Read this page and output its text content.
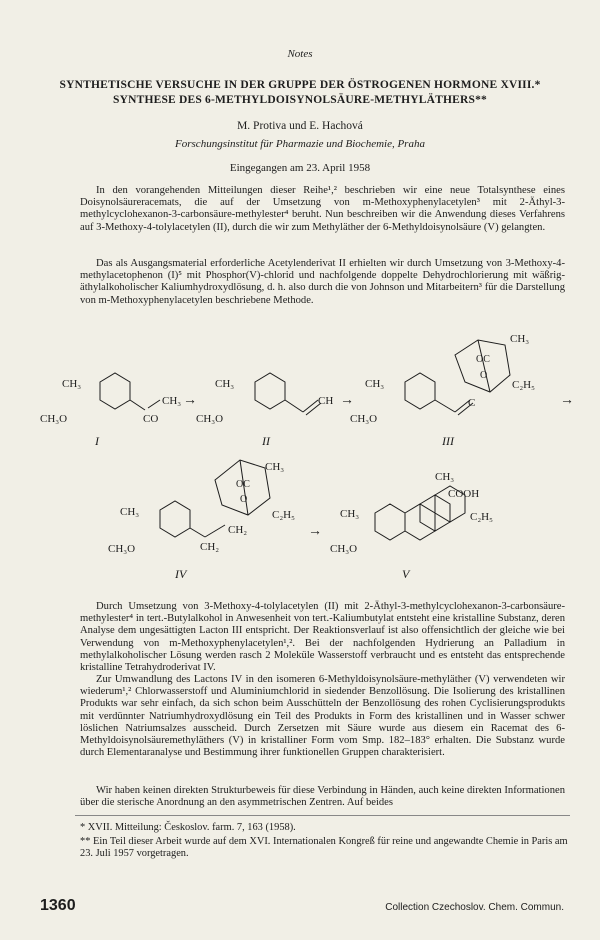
Notes
SYNTHETISCHE VERSUCHE IN DER GRUPPE DER ÖSTROGENEN HORMONE XVIII.* SYNTHESE DES 6-METHYLDOISYNOLSÄURE-METHYLÄTHERS**
M. Protiva und E. Hachová
Forschungsinstitut für Pharmazie und Biochemie, Praha
Eingegangen am 23. April 1958
In den vorangehenden Mitteilungen dieser Reihe¹,² beschrieben wir eine neue Totalsynthese eines Doisynolsäureracemats, die auf der Umsetzung von m-Methoxyphenylacetylen³ mit 2-Äthyl-3-methylcyclohexanon-3-carbonsäure-methylester⁴ beruht. Nun beschreiben wir die Anwendung dieses Verfahrens auf 3-Methoxy-4-tolylacetylen (II), durch die wir zum Methyläther der 6-Methyldoisynolsäure (V) gelangten.
Das als Ausgangsmaterial erforderliche Acetylenderivat II erhielten wir durch Umsetzung von 3-Methoxy-4-methylacetophenon (I)⁵ mit Phosphor(V)-chlorid und nachfolgende doppelte Dehydrochlorierung mit wäßrig-äthylalkoholischer Kaliumhydroxydlösung, d. h. also durch die von Johnson und Mitarbeitern³ für die Darstellung von m-Methoxyphenylacetylen beschriebene Methode.
CH₃
CH₃O	CO
CH₃
I
→
CH₃
CH₃O
CH
II
→
CH₃
CH₃O
C
OC
O
CH₃
C₂H₅
III
→
CH₃
CH₃O	CH₂
CH₂
OC
O
CH₃
C₂H₅
IV
→
CH₃
CH₃O
CH₃
COOH
C₂H₅
V
Durch Umsetzung von 3-Methoxy-4-tolylacetylen (II) mit 2-Äthyl-3-methylcyclohexanon-3-carbonsäure-methylester⁴ in tert.-Butylalkohol in Anwesenheit von tert.-Kaliumbutylat entsteht eine kristalline Substanz, deren Analyse dem ungesättigten Lacton III entspricht. Der Reaktionsverlauf ist also offensichtlich der gleiche wie bei Verwendung von m-Methoxyphenylacetylen¹,². Bei der nachfolgenden Hydrierung an Palladium in methylalkoholischer Lösung werden rasch 2 Moleküle Wasserstoff verbraucht und es entsteht das entsprechende kristalline Tetrahydroderivat IV.
Zur Umwandlung des Lactons IV in den isomeren 6-Methyldoisynolsäure-methyläther (V) verwendeten wir wiederum¹,² Chlorwasserstoff und Aluminiumchlorid in siedender Benzollösung. Die Isolierung des kristallinen Produkts war sehr einfach, da sich schon beim Ausschütteln der Benzollösung des rohen Cyclisierungsprodukts mit verdünnter Natriumhydroxydlösung ein Teil des Produkts in Form des kristallinen und in Wasser schwer löslichen Natriumsalzes ausscheid. Durch Zersetzen mit Säure wurde aus diesem ein Racemat des 6-Methyldoisynolsäuremethyläthers (V) in kristalliner Form vom Smp. 182–183° erhalten. Die Substanz wurde durch Elementaranalyse und Bestimmung ihrer funktionellen Gruppen charakterisiert.
Wir haben keinen direkten Strukturbeweis für diese Verbindung in Händen, auch keine direkten Informationen über die sterische Anordnung an den asymmetrischen Zentren. Auf beides
* XVII. Mitteilung: Českoslov. farm. 7, 163 (1958).
** Ein Teil dieser Arbeit wurde auf dem XVI. Internationalen Kongreß für reine und angewandte Chemie in Paris am 23. Juli 1957 vorgetragen.
1360	Collection Czechoslov. Chem. Commun.
